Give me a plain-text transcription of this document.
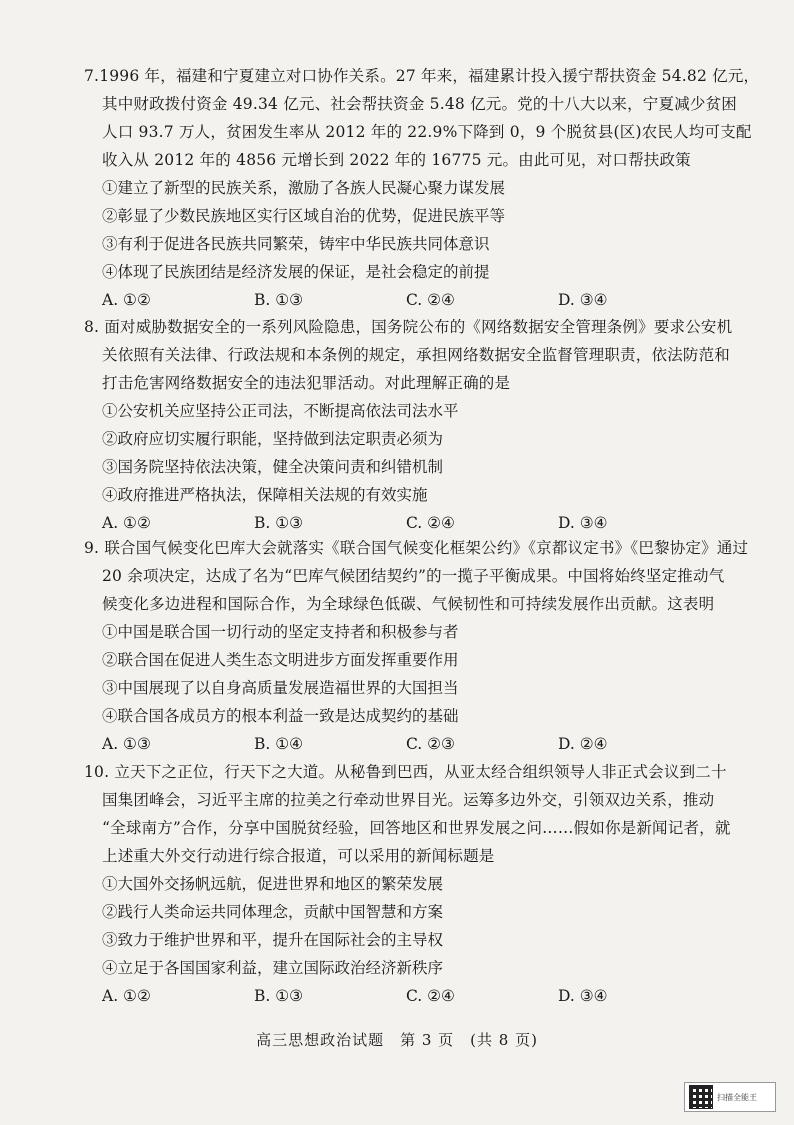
7.1996 年，福建和宁夏建立对口协作关系。27 年来，福建累计投入援宁帮扶资金 54.82 亿元，
其中财政拨付资金 49.34 亿元、社会帮扶资金 5.48 亿元。党的十八大以来，宁夏减少贫困
人口 93.7 万人，贫困发生率从 2012 年的 22.9%下降到 0，9 个脱贫县(区)农民人均可支配
收入从 2012 年的 4856 元增长到 2022 年的 16775 元。由此可见，对口帮扶政策
①建立了新型的民族关系，激励了各族人民凝心聚力谋发展
②彰显了少数民族地区实行区域自治的优势，促进民族平等
③有利于促进各民族共同繁荣，铸牢中华民族共同体意识
④体现了民族团结是经济发展的保证，是社会稳定的前提
A. ①②	B. ①③	C. ②④	D. ③④
8. 面对威胁数据安全的一系列风险隐患，国务院公布的《网络数据安全管理条例》要求公安机
关依照有关法律、行政法规和本条例的规定，承担网络数据安全监督管理职责，依法防范和
打击危害网络数据安全的违法犯罪活动。对此理解正确的是
①公安机关应坚持公正司法，不断提高依法司法水平
②政府应切实履行职能，坚持做到法定职责必须为
③国务院坚持依法决策，健全决策问责和纠错机制
④政府推进严格执法，保障相关法规的有效实施
A. ①②	B. ①③	C. ②④	D. ③④
9. 联合国气候变化巴库大会就落实《联合国气候变化框架公约》《京都议定书》《巴黎协定》通过
20 余项决定，达成了名为“巴库气候团结契约”的一揽子平衡成果。中国将始终坚定推动气
候变化多边进程和国际合作，为全球绿色低碳、气候韧性和可持续发展作出贡献。这表明
①中国是联合国一切行动的坚定支持者和积极参与者
②联合国在促进人类生态文明进步方面发挥重要作用
③中国展现了以自身高质量发展造福世界的大国担当
④联合国各成员方的根本利益一致是达成契约的基础
A. ①③	B. ①④	C. ②③	D. ②④
10. 立天下之正位，行天下之大道。从秘鲁到巴西，从亚太经合组织领导人非正式会议到二十
国集团峰会，习近平主席的拉美之行牵动世界目光。运筹多边外交，引领双边关系，推动
“全球南方”合作，分享中国脱贫经验，回答地区和世界发展之问……假如你是新闻记者，就
上述重大外交行动进行综合报道，可以采用的新闻标题是
①大国外交扬帆远航，促进世界和地区的繁荣发展
②践行人类命运共同体理念，贡献中国智慧和方案
③致力于维护世界和平，提升在国际社会的主导权
④立足于各国国家利益，建立国际政治经济新秩序
A. ①②	B. ①③	C. ②④	D. ③④
高三思想政治试题　第 3 页　(共 8 页)
扫描全能王
